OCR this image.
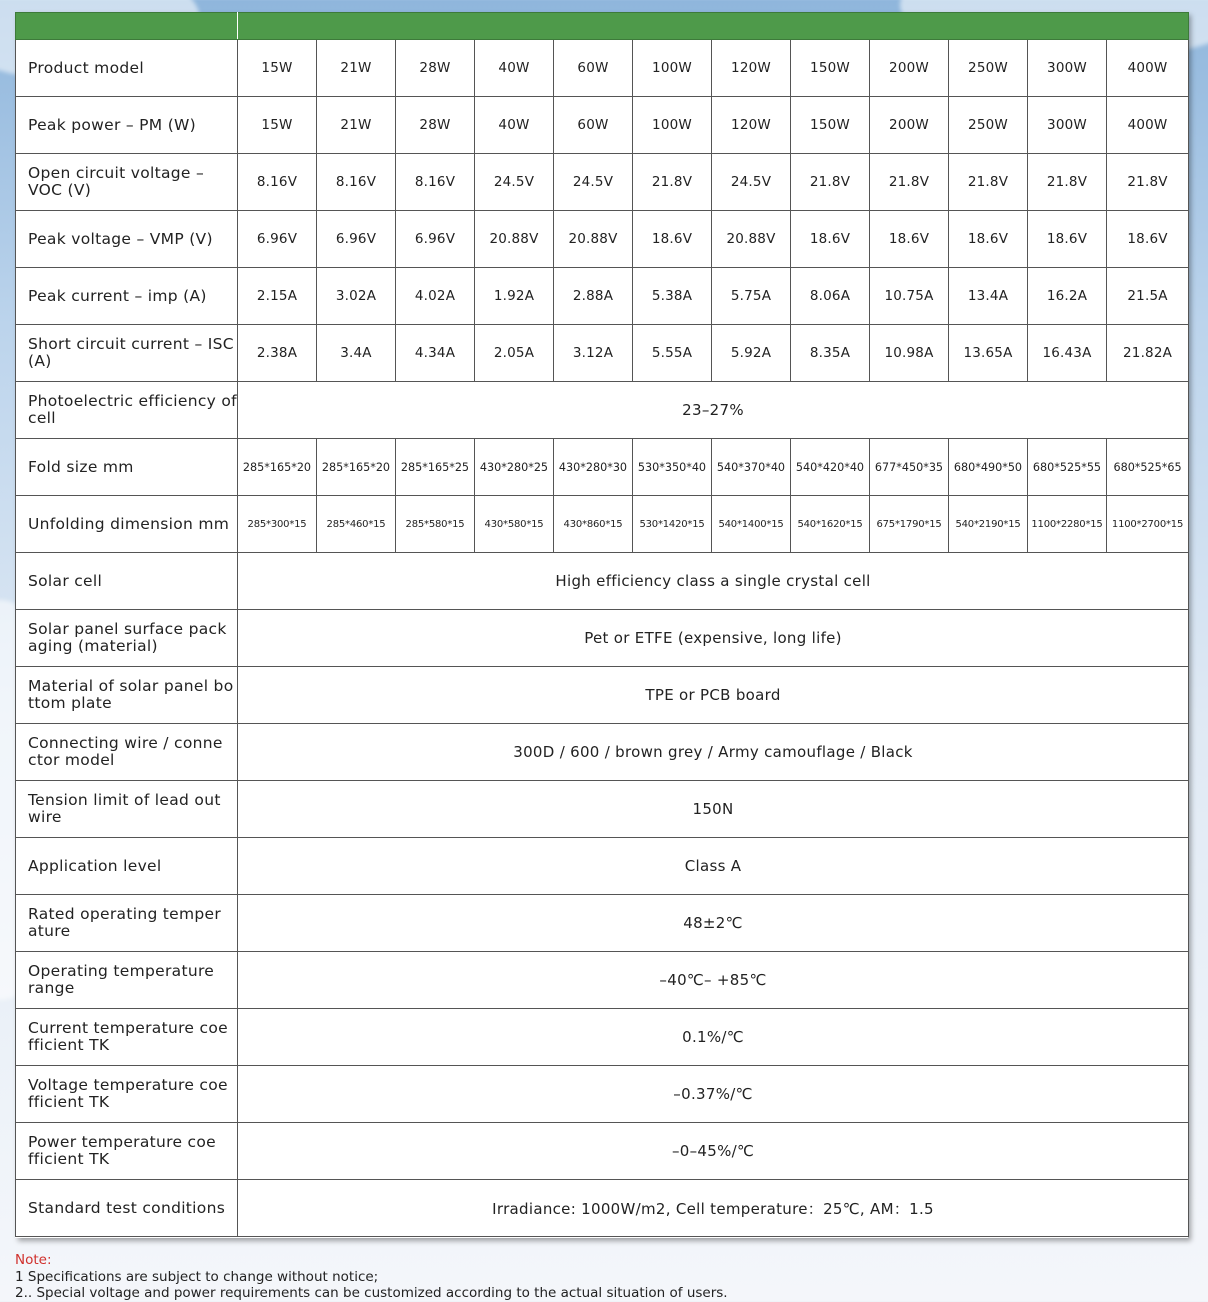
Product model	15W	21W	28W	40W	60W	100W	120W	150W	200W	250W	300W	400W
Peak power – PM (W)	15W	21W	28W	40W	60W	100W	120W	150W	200W	250W	300W	400W
Open circuit voltage – VOC (V)	8.16V	8.16V	8.16V	24.5V	24.5V	21.8V	24.5V	21.8V	21.8V	21.8V	21.8V	21.8V
Peak voltage – VMP (V)	6.96V	6.96V	6.96V	20.88V	20.88V	18.6V	20.88V	18.6V	18.6V	18.6V	18.6V	18.6V
Peak current – imp (A)	2.15A	3.02A	4.02A	1.92A	2.88A	5.38A	5.75A	8.06A	10.75A	13.4A	16.2A	21.5A
Short circuit current – ISC (A)	2.38A	3.4A	4.34A	2.05A	3.12A	5.55A	5.92A	8.35A	10.98A	13.65A	16.43A	21.82A
Photoelectric efficiency of cell	23–27%											
Fold size mm	285*165*20	285*165*20	285*165*25	430*280*25	430*280*30	530*350*40	540*370*40	540*420*40	677*450*35	680*490*50	680*525*55	680*525*65
Unfolding dimension mm	285*300*15	285*460*15	285*580*15	430*580*15	430*860*15	530*1420*15	540*1400*15	540*1620*15	675*1790*15	540*2190*15	1100*2280*15	1100*2700*15
Solar cell	High efficiency class a single crystal cell											
Solar panel surface pack aging (material)	Pet or ETFE (expensive, long life)											
Material of solar panel bo ttom plate	TPE or PCB board											
Connecting wire / conne ctor model	300D / 600 / brown grey / Army camouflage / Black											
Tension limit of lead out wire	150N											
Application level	Class A											
Rated operating temper ature	48±2℃											
Operating temperature range	–40℃– +85℃											
Current temperature coe fficient TK	0.1%/℃											
Voltage temperature coe fficient TK	–0.37%/℃											
Power temperature coe fficient TK	–0–45%/℃											
Standard test conditions	Irradiance: 1000W/m2, Cell temperature：25℃, AM：1.5											
Note:
1 Specifications are subject to change without notice;
2.. Special voltage and power requirements can be customized according to the actual situation of users.
